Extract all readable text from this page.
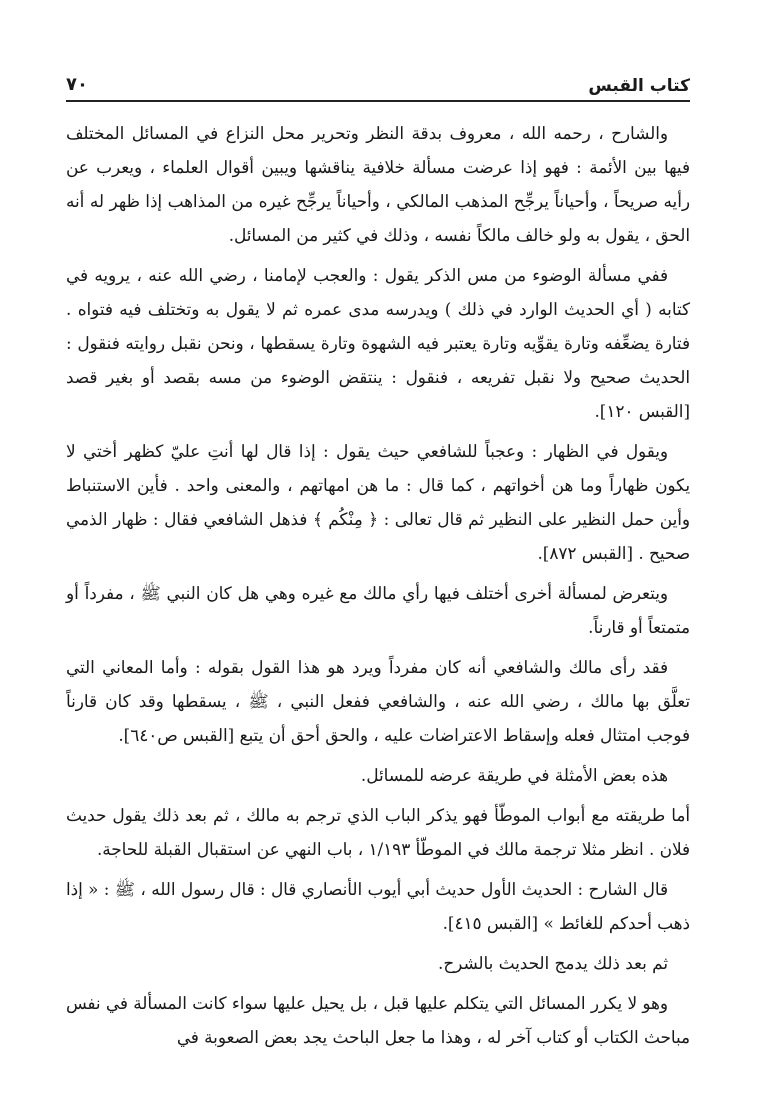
كتاب القبس
٧٠

والشارح ، رحمه الله ، معروف بدقة النظر وتحرير محل النزاع في المسائل المختلف فيها بين الأئمة : فهو إذا عرضت مسألة خلافية يناقشها ويبين أقوال العلماء ، ويعرب عن رأيه صريحاً ، وأحياناً يرجِّح المذهب المالكي ، وأحياناً يرجِّح غيره من المذاهب إذا ظهر له أنه الحق ، يقول به ولو خالف مالكاً نفسه ، وذلك في كثير من المسائل.

ففي مسألة الوضوء من مس الذكر يقول : والعجب لإمامنا ، رضي الله عنه ، يرويه في كتابه ( أي الحديث الوارد في ذلك ) ويدرسه مدى عمره ثم لا يقول به وتختلف فيه فتواه . فتارة يضعِّفه وتارة يقوِّيه وتارة يعتبر فيه الشهوة وتارة يسقطها ، ونحن نقبل روايته فنقول : الحديث صحيح ولا نقبل تفريعه ، فنقول : ينتقض الوضوء من مسه بقصد أو بغير قصد [القبس ١٢٠].

ويقول في الظهار : وعجباً للشافعي حيث يقول : إذا قال لها أنتِ عليّ كظهر أختي لا يكون ظهاراً وما هن أخواتهم ، كما قال : ما هن امهاتهم ، والمعنى واحد . فأين الاستنباط وأين حمل النظير على النظير ثم قال تعالى : ﴿ مِنْكُم ﴾ فذهل الشافعي فقال : ظهار الذمي صحيح . [القبس ٨٧٢].

ويتعرض لمسألة أخرى أختلف فيها رأي مالك مع غيره وهي هل كان النبي ﷺ ، مفرداً أو متمتعاً أو قارناً.

فقد رأى مالك والشافعي أنه كان مفرداً ويرد هو هذا القول بقوله : وأما المعاني التي تعلَّق بها مالك ، رضي الله عنه ، والشافعي ففعل النبي ، ﷺ ، يسقطها وقد كان قارناً فوجب امتثال فعله وإسقاط الاعتراضات عليه ، والحق أحق أن يتبع [القبس ص٦٤٠].

هذه بعض الأمثلة في طريقة عرضه للمسائل.

أما طريقته مع أبواب الموطّأ فهو يذكر الباب الذي ترجم به مالك ، ثم بعد ذلك يقول حديث فلان . انظر مثلا ترجمة مالك في الموطّأ ١/١٩٣ ، باب النهي عن استقبال القبلة للحاجة.

قال الشارح : الحديث الأول حديث أبي أيوب الأنصاري قال : قال رسول الله ، ﷺ : « إذا ذهب أحدكم للغائط » [القبس ٤١٥].

ثم بعد ذلك يدمج الحديث بالشرح.

وهو لا يكرر المسائل التي يتكلم عليها قبل ، بل يحيل عليها سواء كانت المسألة في نفس مباحث الكتاب أو كتاب آخر له ، وهذا ما جعل الباحث يجد بعض الصعوبة في
